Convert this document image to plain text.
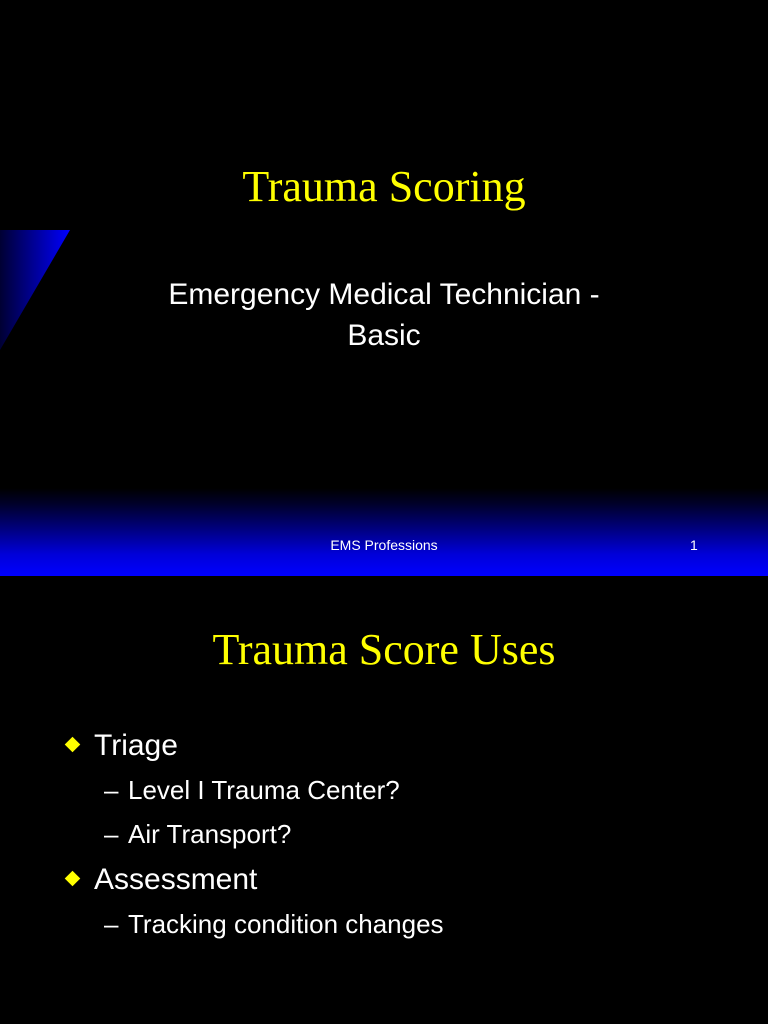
Trauma Scoring

Emergency Medical Technician -
Basic

EMS Professions	1
Trauma Score Uses
Triage
– Level I Trauma Center?
– Air Transport?
Assessment
– Tracking condition changes
